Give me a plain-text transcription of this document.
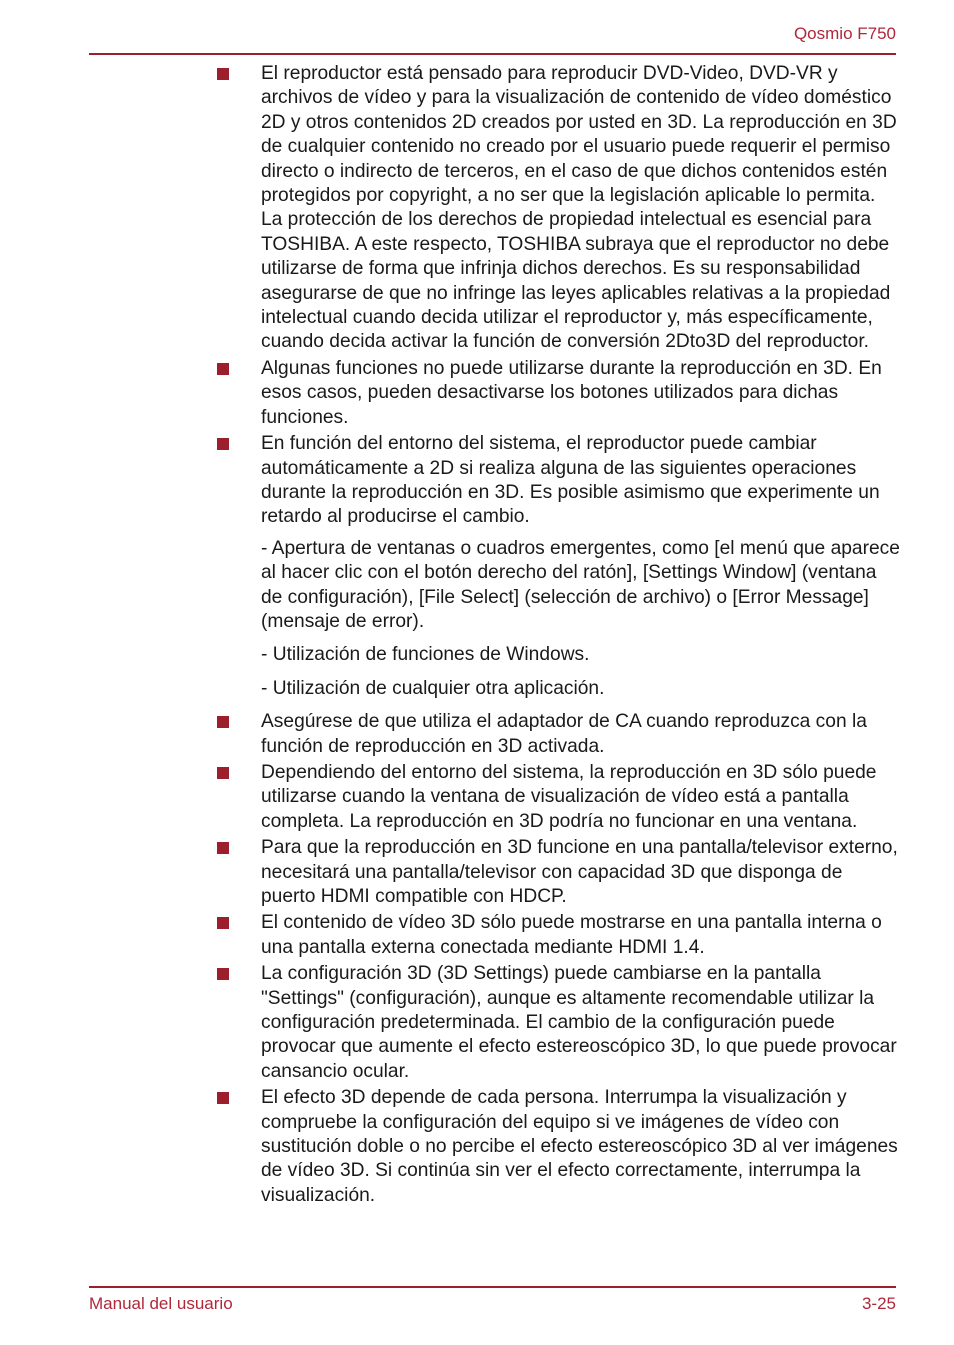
Qosmio F750
El reproductor está pensado para reproducir DVD-Video, DVD-VR y archivos de vídeo y para la visualización de contenido de vídeo doméstico 2D y otros contenidos 2D creados por usted en 3D. La reproducción en 3D de cualquier contenido no creado por el usuario puede requerir el permiso directo o indirecto de terceros, en el caso de que dichos contenidos estén protegidos por copyright, a no ser que la legislación aplicable lo permita. La protección de los derechos de propiedad intelectual es esencial para TOSHIBA. A este respecto, TOSHIBA subraya que el reproductor no debe utilizarse de forma que infrinja dichos derechos. Es su responsabilidad asegurarse de que no infringe las leyes aplicables relativas a la propiedad intelectual cuando decida utilizar el reproductor y, más específicamente, cuando decida activar la función de conversión 2Dto3D del reproductor.
Algunas funciones no puede utilizarse durante la reproducción en 3D. En esos casos, pueden desactivarse los botones utilizados para dichas funciones.
En función del entorno del sistema, el reproductor puede cambiar automáticamente a 2D si realiza alguna de las siguientes operaciones durante la reproducción en 3D. Es posible asimismo que experimente un retardo al producirse el cambio.
- Apertura de ventanas o cuadros emergentes, como [el menú que aparece al hacer clic con el botón derecho del ratón], [Settings Window] (ventana de configuración), [File Select] (selección de archivo) o [Error Message] (mensaje de error).
- Utilización de funciones de Windows.
- Utilización de cualquier otra aplicación.
Asegúrese de que utiliza el adaptador de CA cuando reproduzca con la función de reproducción en 3D activada.
Dependiendo del entorno del sistema, la reproducción en 3D sólo puede utilizarse cuando la ventana de visualización de vídeo está a pantalla completa. La reproducción en 3D podría no funcionar en una ventana.
Para que la reproducción en 3D funcione en una pantalla/televisor externo, necesitará una pantalla/televisor con capacidad 3D que disponga de puerto HDMI compatible con HDCP.
El contenido de vídeo 3D sólo puede mostrarse en una pantalla interna o una pantalla externa conectada mediante HDMI 1.4.
La configuración 3D (3D Settings) puede cambiarse en la pantalla "Settings" (configuración), aunque es altamente recomendable utilizar la configuración predeterminada. El cambio de la configuración puede provocar que aumente el efecto estereoscópico 3D, lo que puede provocar cansancio ocular.
El efecto 3D depende de cada persona. Interrumpa la visualización y compruebe la configuración del equipo si ve imágenes de vídeo con sustitución doble o no percibe el efecto estereoscópico 3D al ver imágenes de vídeo 3D. Si continúa sin ver el efecto correctamente, interrumpa la visualización.
Manual del usuario	3-25
